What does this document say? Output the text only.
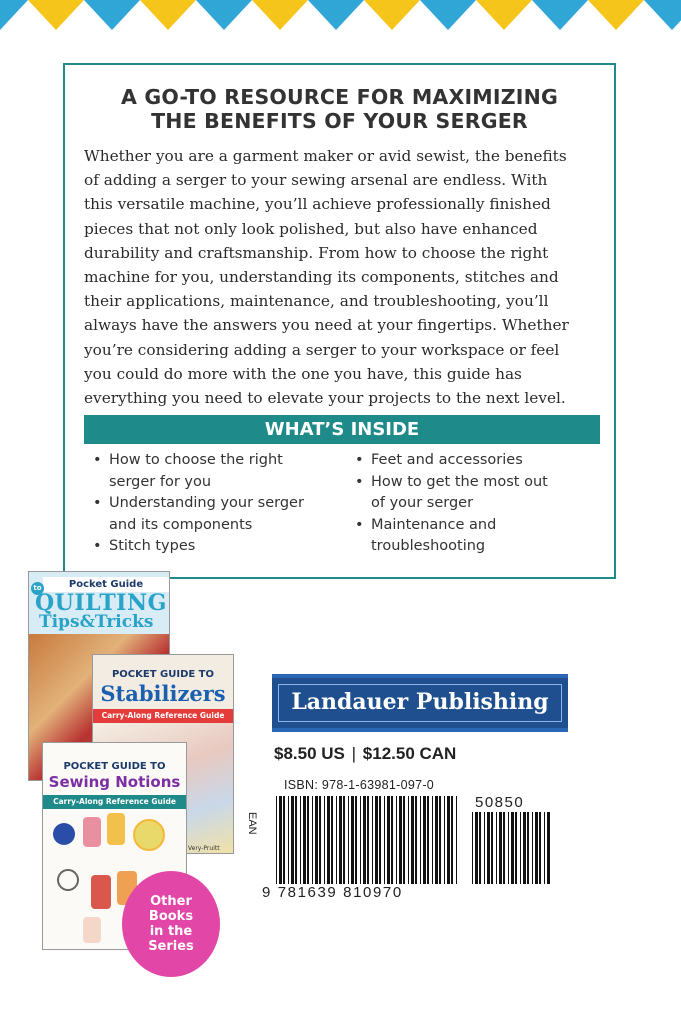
A GO-TO RESOURCE FOR MAXIMIZING
THE BENEFITS OF YOUR SERGER
Whether you are a garment maker or avid sewist, the benefits
of adding a serger to your sewing arsenal are endless. With
this versatile machine, you’ll achieve professionally finished
pieces that not only look polished, but also have enhanced
durability and craftsmanship. From how to choose the right
machine for you, understanding its components, stitches and
their applications, maintenance, and troubleshooting, you’ll
always have the answers you need at your fingertips. Whether
you’re considering adding a serger to your workspace or feel
you could do more with the one you have, this guide has
everything you need to elevate your projects to the next level.
WHAT’S INSIDE
• How to choose the right
serger for you
• Understanding your serger
and its components
• Stitch types
• Feet and accessories
• How to get the most out
of your serger
• Maintenance and
troubleshooting
Pocket Guide
to
QUILTING
Tips&Tricks
POCKET GUIDE TO
Stabilizers
Carry-Along Reference Guide
Very-Pruitt
POCKET GUIDE TO
Sewing Notions
Carry-Along Reference Guide
Other
Books
in the
Series
Landauer Publishing
$8.50 US | $12.50 CAN
ISBN: 978-1-63981-097-0
EAN
9 781639 810970
50850
